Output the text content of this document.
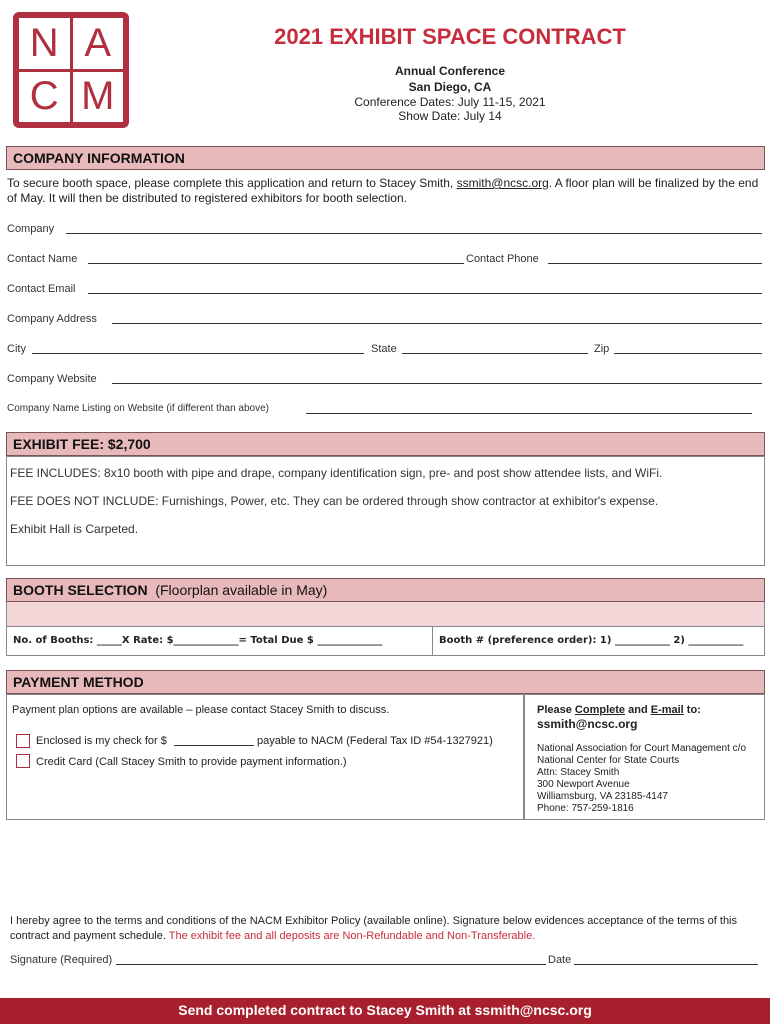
N A
C M
2021 EXHIBIT SPACE CONTRACT
Annual Conference
San Diego, CA
Conference Dates: July 11-15, 2021
Show Date: July 14
COMPANY INFORMATION
To secure booth space, please complete this application and return to Stacey Smith, ssmith@ncsc.org. A floor plan will be finalized by the end of May. It will then be distributed to registered exhibitors for booth selection.
Company
Contact Name	Contact Phone
Contact Email
Company Address
City	State	Zip
Company Website
Company Name Listing on Website (if different than above)
EXHIBIT FEE: $2,700
FEE INCLUDES: 8x10 booth with pipe and drape, company identification sign, pre- and post show attendee lists, and WiFi.
FEE DOES NOT INCLUDE: Furnishings, Power, etc. They can be ordered through show contractor at exhibitor's expense.
Exhibit Hall is Carpeted.
BOOTH SELECTION (Floorplan available in May)
No. of Booths: _____X Rate: $_____________= Total Due $ _____________	Booth # (preference order): 1) ___________ 2) ___________
PAYMENT METHOD
Payment plan options are available – please contact Stacey Smith to discuss.
Enclosed is my check for $	payable to NACM (Federal Tax ID #54-1327921)
Credit Card (Call Stacey Smith to provide payment information.)
Please Complete and E-mail to:
ssmith@ncsc.org
National Association for Court Management c/o
National Center for State Courts
Attn: Stacey Smith
300 Newport Avenue
Williamsburg, VA 23185-4147
Phone: 757-259-1816
I hereby agree to the terms and conditions of the NACM Exhibitor Policy (available online). Signature below evidences acceptance of the terms of this contract and payment schedule. The exhibit fee and all deposits are Non-Refundable and Non-Transferable.
Signature (Required)	Date
Send completed contract to Stacey Smith at ssmith@ncsc.org
